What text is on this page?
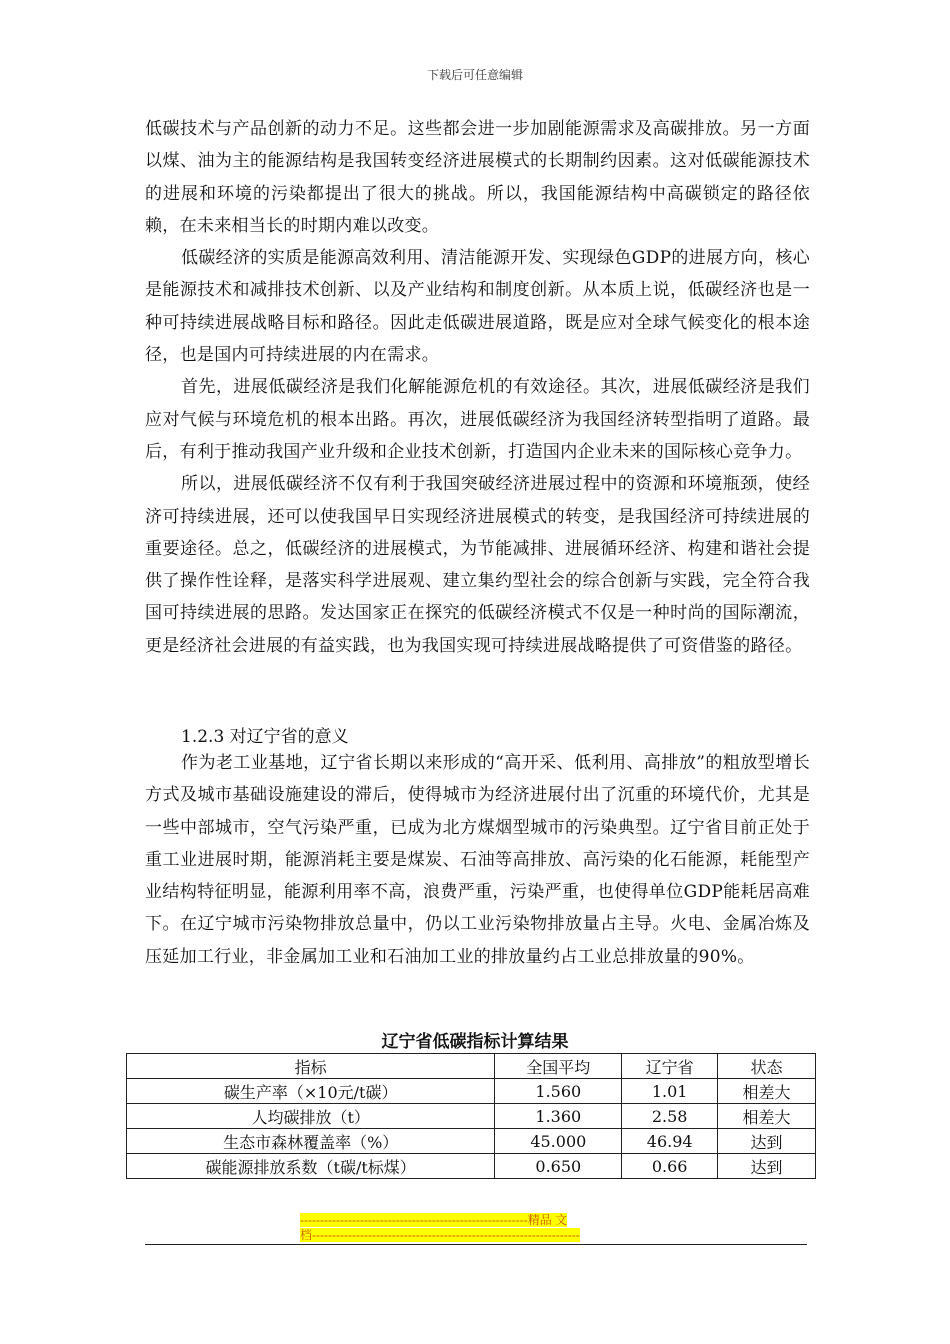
下载后可任意编辑

低碳技术与产品创新的动力不足。这些都会进一步加剧能源需求及高碳排放。另一方面以煤、油为主的能源结构是我国转变经济进展模式的长期制约因素。这对低碳能源技术的进展和环境的污染都提出了很大的挑战。所以，我国能源结构中高碳锁定的路径依赖，在未来相当长的时期内难以改变。

低碳经济的实质是能源高效利用、清洁能源开发、实现绿色GDP的进展方向，核心是能源技术和减排技术创新、以及产业结构和制度创新。从本质上说，低碳经济也是一种可持续进展战略目标和路径。因此走低碳进展道路，既是应对全球气候变化的根本途径，也是国内可持续进展的内在需求。

首先，进展低碳经济是我们化解能源危机的有效途径。其次，进展低碳经济是我们应对气候与环境危机的根本出路。再次，进展低碳经济为我国经济转型指明了道路。最后，有利于推动我国产业升级和企业技术创新，打造国内企业未来的国际核心竞争力。

所以，进展低碳经济不仅有利于我国突破经济进展过程中的资源和环境瓶颈，使经济可持续进展，还可以使我国早日实现经济进展模式的转变，是我国经济可持续进展的重要途径。总之，低碳经济的进展模式，为节能减排、进展循环经济、构建和谐社会提供了操作性诠释，是落实科学进展观、建立集约型社会的综合创新与实践，完全符合我国可持续进展的思路。发达国家正在探究的低碳经济模式不仅是一种时尚的国际潮流，更是经济社会进展的有益实践，也为我国实现可持续进展战略提供了可资借鉴的路径。

1.2.3 对辽宁省的意义

作为老工业基地，辽宁省长期以来形成的“高开采、低利用、高排放”的粗放型增长方式及城市基础设施建设的滞后，使得城市为经济进展付出了沉重的环境代价，尤其是一些中部城市，空气污染严重，已成为北方煤烟型城市的污染典型。辽宁省目前正处于重工业进展时期，能源消耗主要是煤炭、石油等高排放、高污染的化石能源，耗能型产业结构特征明显，能源利用率不高，浪费严重，污染严重，也使得单位GDP能耗居高难下。在辽宁城市污染物排放总量中，仍以工业污染物排放量占主导。火电、金属冶炼及压延加工行业，非金属加工业和石油加工业的排放量约占工业总排放量的90%。

辽宁省低碳指标计算结果
指标	全国平均	辽宁省	状态
碳生产率（×10元/t碳）	1.560	1.01	相差大
人均碳排放（t）	1.360	2.58	相差大
生态市森林覆盖率（%）	45.000	46.94	达到
碳能源排放系数（t碳/t标煤）	0.650	0.66	达到
---------------------------------------------------------精品 文
档-------------------------------------------------------------------
